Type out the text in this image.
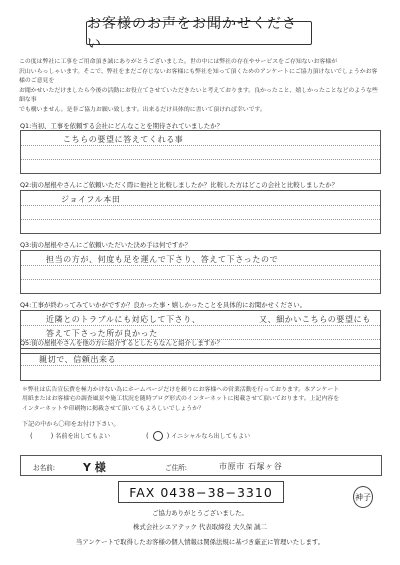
お客様のお声をお聞かせください
この度は弊社に工事をご用命頂き誠にありがとうございました。世の中には弊社の存在やサービスをご存知ないお客様が
沢山いらっしゃいます。そこで、弊社をまだご存じないお客様にも弊社を知って頂くためのアンケートにご協力頂けないでしょうかお客様のご意見を
お聞かせいただけましたら今後の活動にお役立てさせていただきたいと考えております。良かったこと、嬉しかったことなどのような些細な事
でも構いません。是非ご協力お願い致します。出来るだけ具体的に書いて頂ければ幸いです。
Q1:当初、工事を依頼する会社にどんなことを期待されていましたか？
こちらの要望に答えてくれる事
Q2:街の屋根やさんにご依頼いただく際に他社と比較しましたか？比較した方はどこの会社と比較しましたか？
ジョイフル本田
Q3:街の屋根やさんにご依頼いただいた決め手は何ですか？
担当の方が、何度も足を運んで下さり、答えて下さったので
Q4:工事が終わってみていかがですか？良かった事・嬉しかったことを具体的にお聞かせください。
近隣とのトラブルにも対応して下さり、	又、細かいこちらの要望にも
答えて下さった所が良かった
Q5:街の屋根やさんを他の方に紹介するとしたらなんと紹介しますか？
親切で、信頼出来る
＊弊社は広告宣伝費を極力かけない為にホームページだけを頼りにお客様への営業活動を行っております。本アンケート
用紙またはお客様宅の調査風景や施工状況を随時ブログ形式のインターネットに掲載させて頂いております。上記内容を
インターネットや印刷物に掲載させて頂いてもよろしいでしょうか？
下記の中から〇印をお付け下さい。
(	) 名前を出してもよい	( ○ ) イニシャルなら出してもよい
お名前:	Y 様	ご住所:	市原市 石塚ヶ谷
FAX 0438−38−3310	神子
ご協力ありがとうございました。
株式会社シエアテック 代表取締役 大久保 誠二
当アンケートで取得したお客様の個人情報は関係法規に基づき厳正に管理いたします。
